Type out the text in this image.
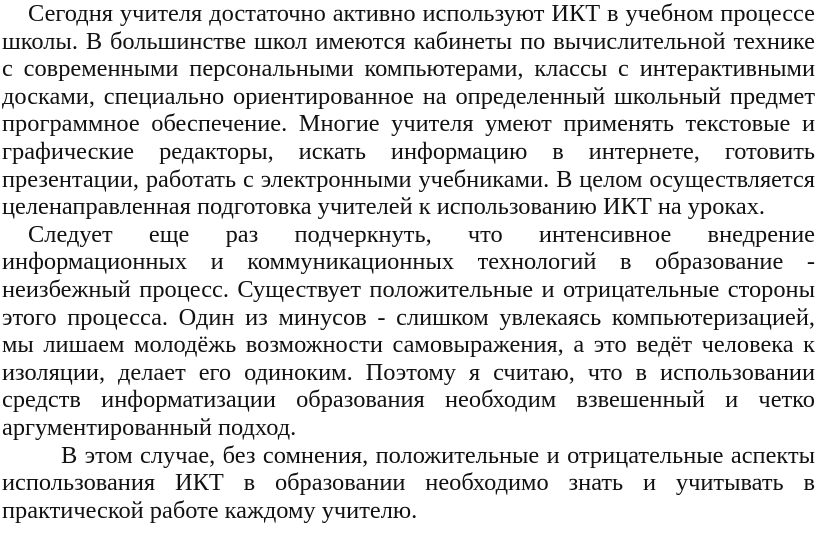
Сегодня учителя достаточно активно используют ИКТ в учебном процессе школы. В большинстве школ имеются кабинеты по вычислительной технике с современными персональными компьютерами, классы с интерактивными досками, специально ориентированное на определенный школьный предмет программное обеспечение. Многие учителя умеют применять текстовые и графические редакторы, искать информацию в интернете, готовить презентации, работать с электронными учебниками. В целом осуществляется целенаправленная подготовка учителей к использованию ИКТ на уроках.

Следует еще раз подчеркнуть, что интенсивное внедрение информационных и коммуникационных технологий в образование - неизбежный процесс. Существует положительные и отрицательные стороны этого процесса. Один из минусов - слишком увлекаясь компьютеризацией, мы лишаем молодёжь возможности самовыражения, а это ведёт человека к изоляции, делает его одиноким. Поэтому я считаю, что в использовании средств информатизации образования необходим взвешенный и четко аргументированный подход.

В этом случае, без сомнения, положительные и отрицательные аспекты использования ИКТ в образовании необходимо знать и учитывать в практической работе каждому учителю.
